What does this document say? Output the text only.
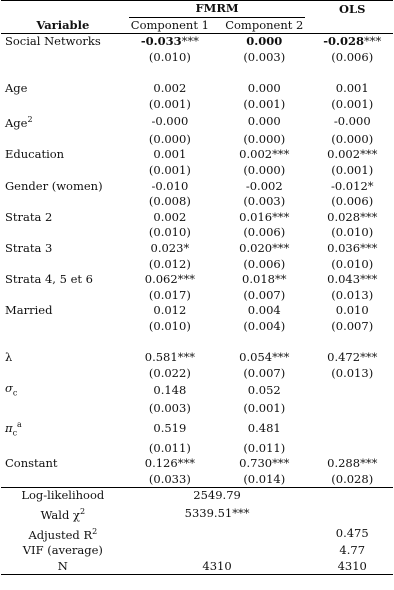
	FMRM		OLS
Variable	Component 1	Component 2	
Social Networks	-0.033***	0.000	-0.028***
	(0.010)	(0.003)	(0.006)

Age	0.002	0.000	0.001
	(0.001)	(0.001)	(0.001)
Age$^2$	-0.000	0.000	-0.000
	(0.000)	(0.000)	(0.000)
Education	0.001	0.002***	0.002***
	(0.001)	(0.000)	(0.001)
Gender (women)	-0.010	-0.002	-0.012*
	(0.008)	(0.003)	(0.006)
Strata 2	0.002	0.016***	0.028***
	(0.010)	(0.006)	(0.010)
Strata 3	0.023*	0.020***	0.036***
	(0.012)	(0.006)	(0.010)
Strata 4, 5 et 6	0.062***	0.018**	0.043***
	(0.017)	(0.007)	(0.013)
Married	0.012	0.004	0.010
	(0.010)	(0.004)	(0.007)

λ	0.581***	0.054***	0.472***
	(0.022)	(0.007)	(0.013)
$\sigma_c$	0.148	0.052	
	(0.003)	(0.001)	
$\pi_c^a$	0.519	0.481	
	(0.011)	(0.011)	
Constant	0.126***	0.730***	0.288***
	(0.033)	(0.014)	(0.028)
Log-likelihood	2549.79		
Wald $\chi^2$	5339.51***		
Adjusted $R^2$			0.475
VIF (average)			4.77
N	4310		4310
